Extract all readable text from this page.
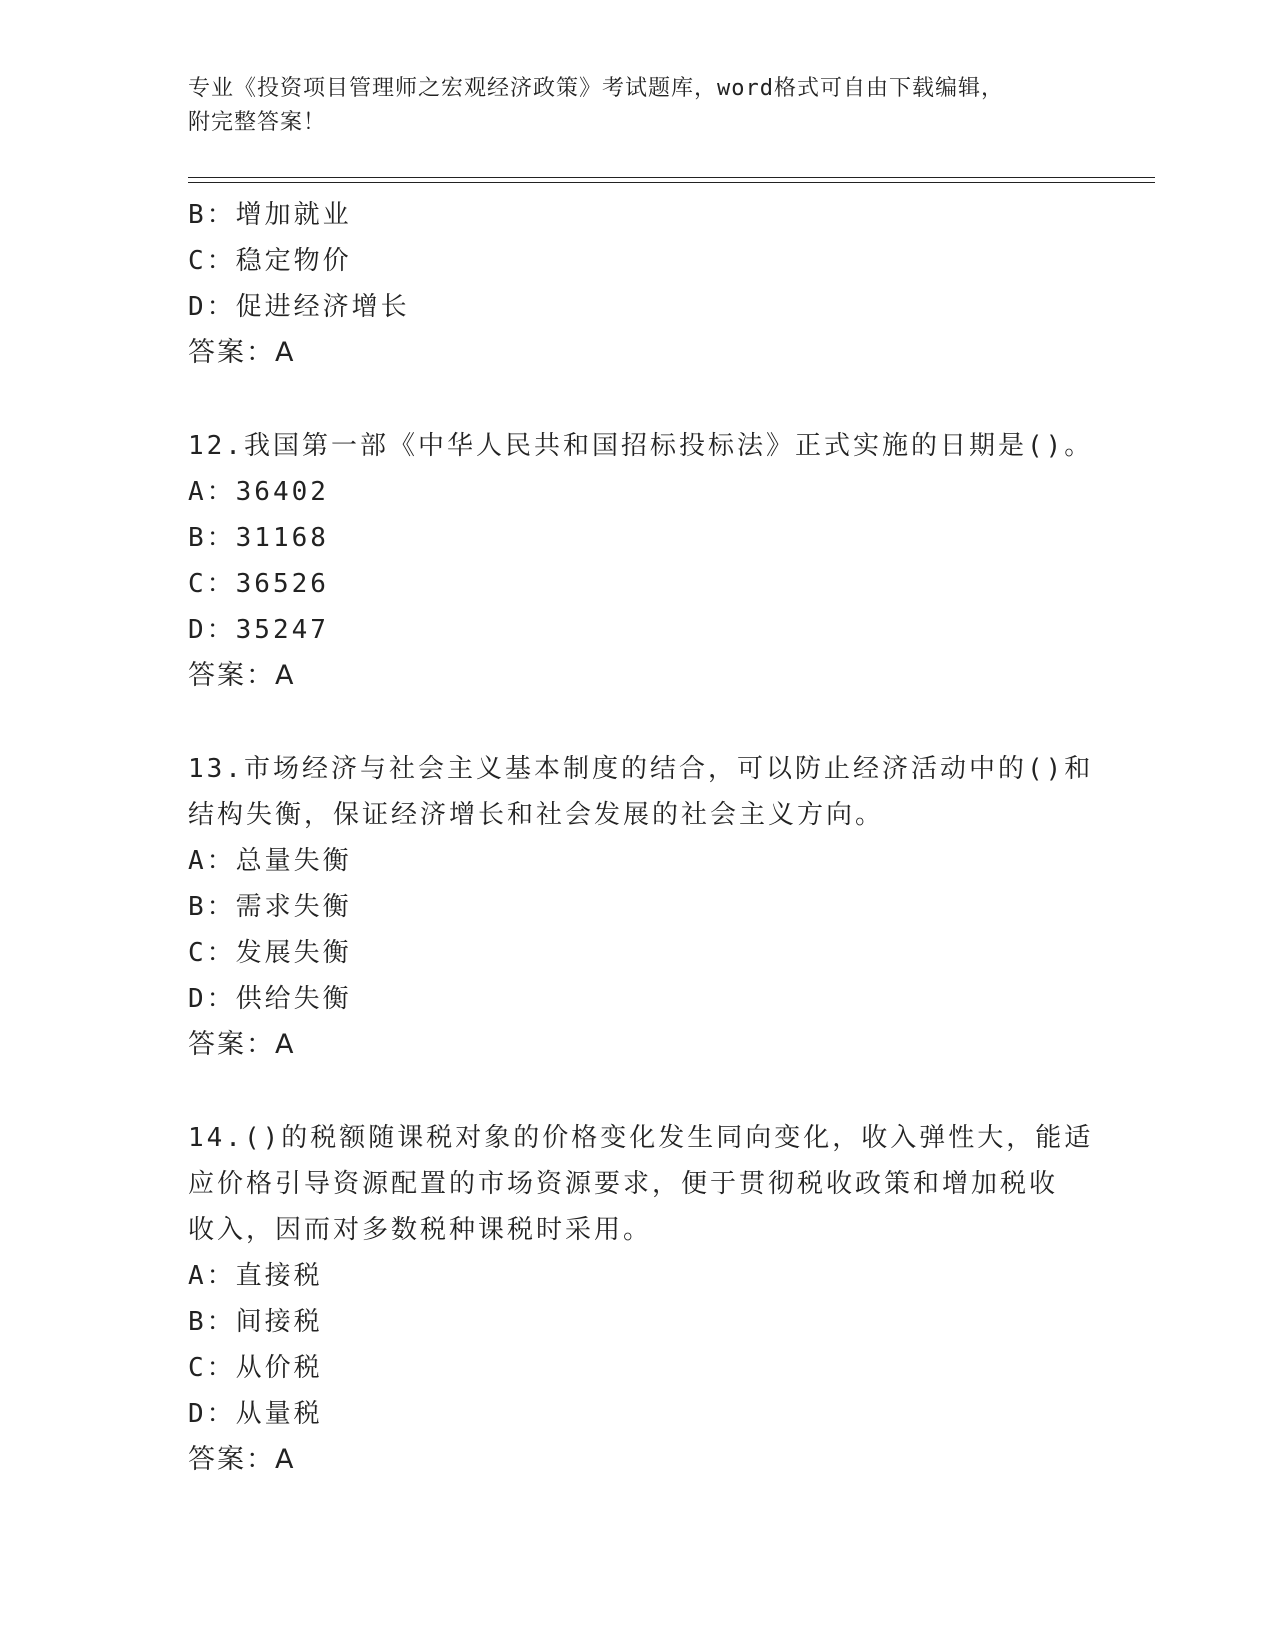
专业《投资项目管理师之宏观经济政策》考试题库，word格式可自由下载编辑，
附完整答案！
B：增加就业
C：稳定物价
D：促进经济增长
答案：A
12.我国第一部《中华人民共和国招标投标法》正式实施的日期是()。
A：36402
B：31168
C：36526
D：35247
答案：A
13.市场经济与社会主义基本制度的结合，可以防止经济活动中的()和
结构失衡，保证经济增长和社会发展的社会主义方向。
A：总量失衡
B：需求失衡
C：发展失衡
D：供给失衡
答案：A
14.()的税额随课税对象的价格变化发生同向变化，收入弹性大，能适
应价格引导资源配置的市场资源要求，便于贯彻税收政策和增加税收
收入，因而对多数税种课税时采用。
A：直接税
B：间接税
C：从价税
D：从量税
答案：A
